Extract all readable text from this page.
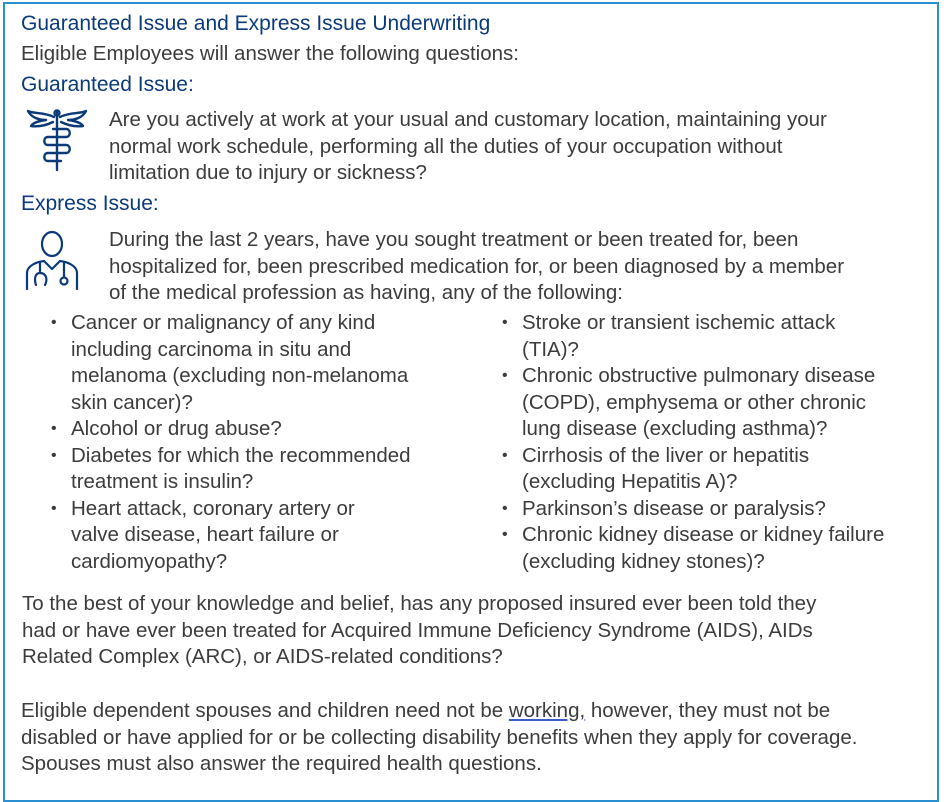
Guaranteed Issue and Express Issue Underwriting
Eligible Employees will answer the following questions:
Guaranteed Issue:
Are you actively at work at your usual and customary location, maintaining your
normal work schedule, performing all the duties of your occupation without
limitation due to injury or sickness?
Express Issue:
During the last 2 years, have you sought treatment or been treated for, been
hospitalized for, been prescribed medication for, or been diagnosed by a member
of the medical profession as having, any of the following:
• Cancer or malignancy of any kind
including carcinoma in situ and
melanoma (excluding non-melanoma
skin cancer)?
• Alcohol or drug abuse?
• Diabetes for which the recommended
treatment is insulin?
• Heart attack, coronary artery or
valve disease, heart failure or
cardiomyopathy?
• Stroke or transient ischemic attack
(TIA)?
• Chronic obstructive pulmonary disease
(COPD), emphysema or other chronic
lung disease (excluding asthma)?
• Cirrhosis of the liver or hepatitis
(excluding Hepatitis A)?
• Parkinson’s disease or paralysis?
• Chronic kidney disease or kidney failure
(excluding kidney stones)?
To the best of your knowledge and belief, has any proposed insured ever been told they
had or have ever been treated for Acquired Immune Deficiency Syndrome (AIDS), AIDs
Related Complex (ARC), or AIDS-related conditions?
Eligible dependent spouses and children need not be working, however, they must not be
disabled or have applied for or be collecting disability benefits when they apply for coverage.
Spouses must also answer the required health questions.
